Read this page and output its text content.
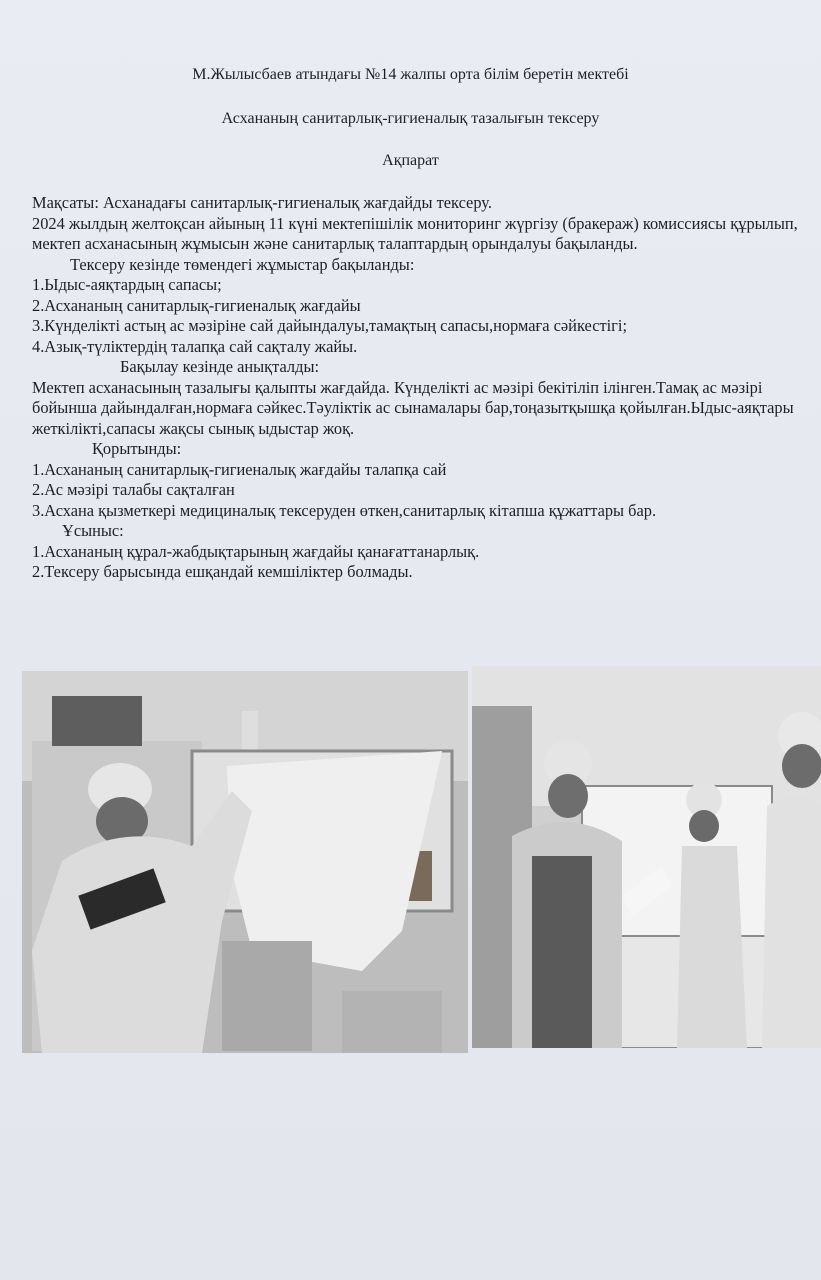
М.Жылысбаев атындағы №14 жалпы орта білім беретін мектебі
Асхананың санитарлық-гигиеналық тазалығын тексеру
Ақпарат

Мақсаты: Асханадағы санитарлық-гигиеналық жағдайды тексеру.

2024 жылдың желтоқсан айының 11 күні мектепішілік мониторинг жүргізу (бракераж) комиссиясы құрылып, мектеп асханасының жұмысын және санитарлық талаптардың орындалуы бақыланды.

Тексеру кезінде төмендегі жұмыстар бақыланды:

1.Ыдыс-аяқтардың сапасы;

2.Асхананың санитарлық-гигиеналық жағдайы

3.Күнделікті астың ас мәзіріне сай дайындалуы,тамақтың сапасы,нормаға сәйкестігі;

4.Азық-түліктердің талапқа сай сақталу жайы.

Бақылау кезінде анықталды:

Мектеп асханасының тазалығы қалыпты жағдайда. Күнделікті ас мәзірі бекітіліп ілінген.Тамақ ас мәзірі бойынша дайындалған,нормаға сәйкес.Тәуліктік ас сынамалары бар,тоңазытқышқа қойылған.Ыдыс-аяқтары жеткілікті,сапасы жақсы сынық ыдыстар жоқ.

Қорытынды:

1.Асхананың санитарлық-гигиеналық жағдайы талапқа сай

2.Ас мәзірі талабы сақталған

3.Асхана қызметкері медициналық тексеруден өткен,санитарлық кітапша құжаттары бар.

Ұсыныс:

1.Асхананың құрал-жабдықтарының жағдайы қанағаттанарлық.

2.Тексеру барысында ешқандай кемшіліктер болмады.
